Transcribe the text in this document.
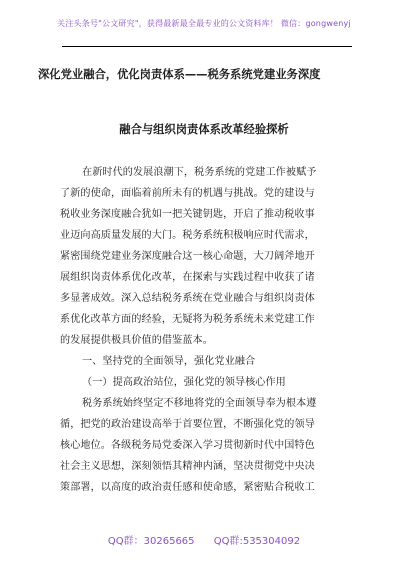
关注头条号"公文研究"，获得最新最全最专业的公文资料库！ 微信：gongwenyj
深化党业融合，优化岗责体系——税务系统党建业务深度
融合与组织岗责体系改革经验探析
在新时代的发展浪潮下，税务系统的党建工作被赋予
了新的使命，面临着前所未有的机遇与挑战。党的建设与
税收业务深度融合犹如一把关键钥匙，开启了推动税收事
业迈向高质量发展的大门。税务系统积极响应时代需求，
紧密围绕党建业务深度融合这一核心命题，大刀阔斧地开
展组织岗责体系优化改革，在探索与实践过程中收获了诸
多显著成效。深入总结税务系统在党业融合与组织岗责体
系优化改革方面的经验，无疑将为税务系统未来党建工作
的发展提供极具价值的借鉴蓝本。
一、坚持党的全面领导，强化党业融合
（一）提高政治站位，强化党的领导核心作用
税务系统始终坚定不移地将党的全面领导奉为根本遵
循，把党的政治建设高举于首要位置，不断强化党的领导
核心地位。各级税务局党委深入学习贯彻新时代中国特色
社会主义思想，深刻领悟其精神内涵，坚决贯彻党中央决
策部署，以高度的政治责任感和使命感，紧密贴合税收工
QQ群：30265665 QQ群:535304092
